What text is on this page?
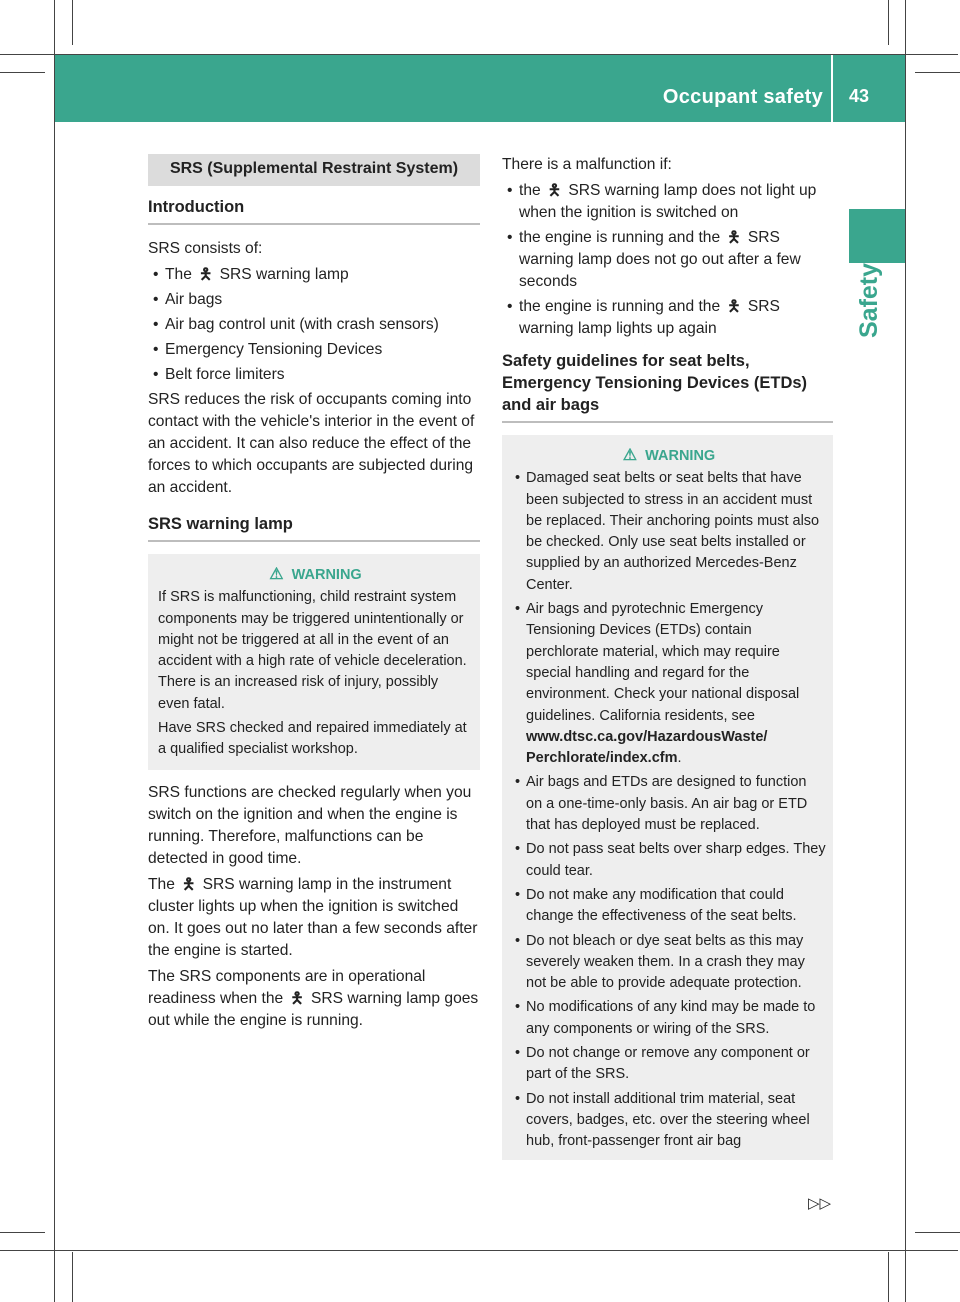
Occupant safety 43
Safety
SRS (Supplemental Restraint System)
Introduction

SRS consists of:

• The 🯅 SRS warning lamp
• Air bags
• Air bag control unit (with crash sensors)
• Emergency Tensioning Devices
• Belt force limiters

SRS reduces the risk of occupants coming into contact with the vehicle's interior in the event of an accident. It can also reduce the effect of the forces to which occupants are subjected during an accident.

SRS warning lamp
⚠ WARNING

If SRS is malfunctioning, child restraint system components may be triggered unintentionally or might not be triggered at all in the event of an accident with a high rate of vehicle deceleration. There is an increased risk of injury, possibly even fatal.

Have SRS checked and repaired immediately at a qualified specialist workshop.

SRS functions are checked regularly when you switch on the ignition and when the engine is running. Therefore, malfunctions can be detected in good time.

The 🯅 SRS warning lamp in the instrument cluster lights up when the ignition is switched on. It goes out no later than a few seconds after the engine is started.

The SRS components are in operational readiness when the 🯅 SRS warning lamp goes out while the engine is running.

There is a malfunction if:

• the 🯅 SRS warning lamp does not light up when the ignition is switched on
• the engine is running and the 🯅 SRS warning lamp does not go out after a few seconds
• the engine is running and the 🯅 SRS warning lamp lights up again
Safety guidelines for seat belts, Emergency Tensioning Devices (ETDs) and air bags
⚠ WARNING
• Damaged seat belts or seat belts that have been subjected to stress in an accident must be replaced. Their anchoring points must also be checked. Only use seat belts installed or supplied by an authorized Mercedes-Benz Center.
• Air bags and pyrotechnic Emergency Tensioning Devices (ETDs) contain perchlorate material, which may require special handling and regard for the environment. Check your national disposal guidelines. California residents, see www.dtsc.ca.gov/HazardousWaste/ Perchlorate/index.cfm.
• Air bags and ETDs are designed to function on a one-time-only basis. An air bag or ETD that has deployed must be replaced.
• Do not pass seat belts over sharp edges. They could tear.
• Do not make any modification that could change the effectiveness of the seat belts.
• Do not bleach or dye seat belts as this may severely weaken them. In a crash they may not be able to provide adequate protection.
• No modifications of any kind may be made to any components or wiring of the SRS.
• Do not change or remove any component or part of the SRS.
• Do not install additional trim material, seat covers, badges, etc. over the steering wheel hub, front-passenger front air bag
▷▷
